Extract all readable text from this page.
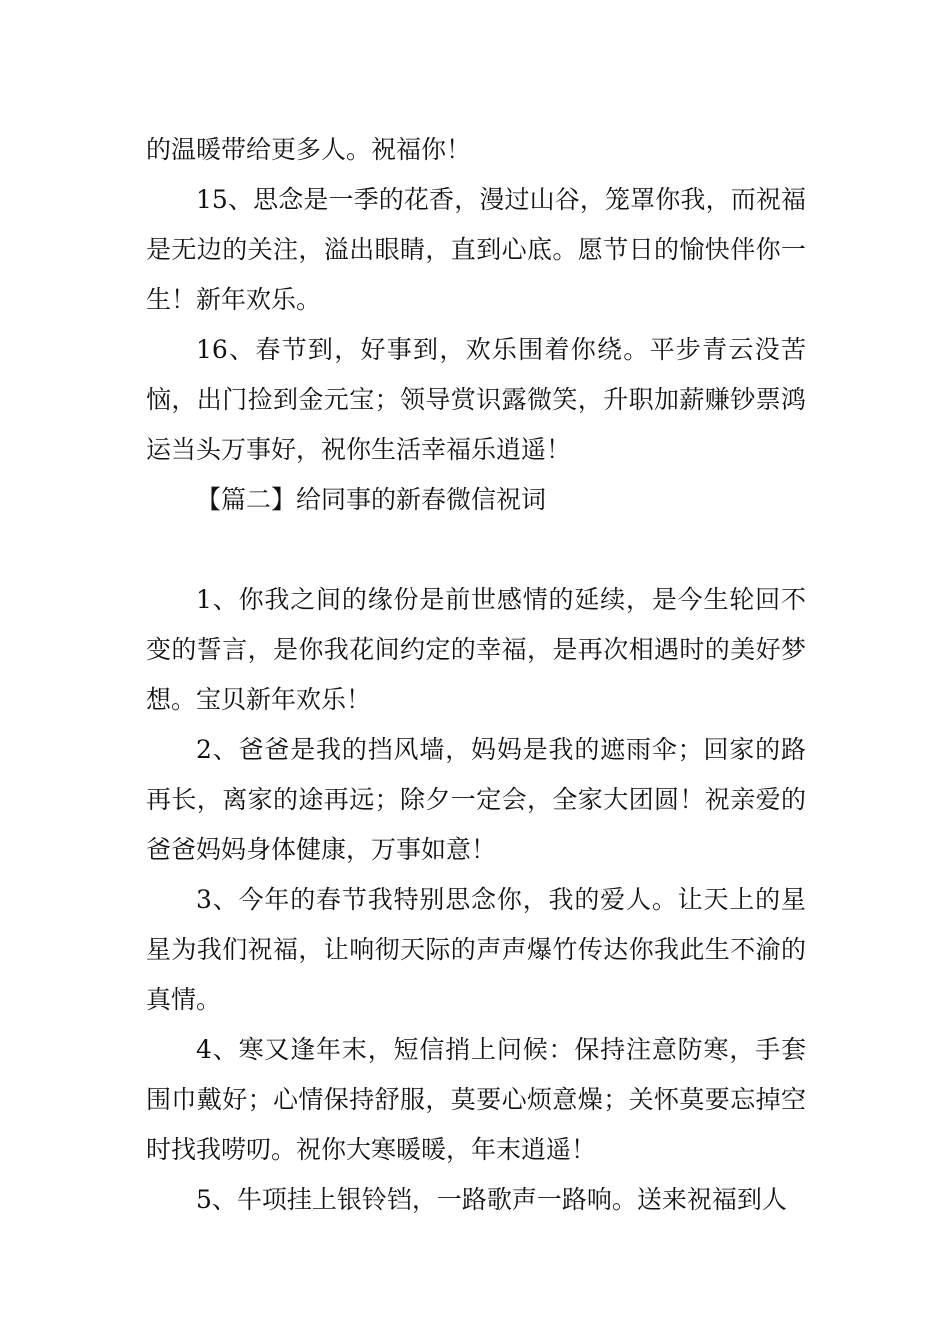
的温暖带给更多人。祝福你！

15、思念是一季的花香，漫过山谷，笼罩你我，而祝福是无边的关注，溢出眼睛，直到心底。愿节日的愉快伴你一生！新年欢乐。

16、春节到，好事到，欢乐围着你绕。平步青云没苦恼，出门捡到金元宝；领导赏识露微笑，升职加薪赚钞票鸿运当头万事好，祝你生活幸福乐逍遥！

【篇二】给同事的新春微信祝词

1、你我之间的缘份是前世感情的延续，是今生轮回不变的誓言，是你我花间约定的幸福，是再次相遇时的美好梦想。宝贝新年欢乐！

2、爸爸是我的挡风墙，妈妈是我的遮雨伞；回家的路再长，离家的途再远；除夕一定会，全家大团圆！祝亲爱的爸爸妈妈身体健康，万事如意！

3、今年的春节我特别思念你，我的爱人。让天上的星星为我们祝福，让响彻天际的声声爆竹传达你我此生不渝的真情。

4、寒又逢年末，短信捎上问候：保持注意防寒，手套围巾戴好；心情保持舒服，莫要心烦意燥；关怀莫要忘掉空时找我唠叨。祝你大寒暖暖，年末逍遥！

5、牛项挂上银铃铛，一路歌声一路响。送来祝福到人
